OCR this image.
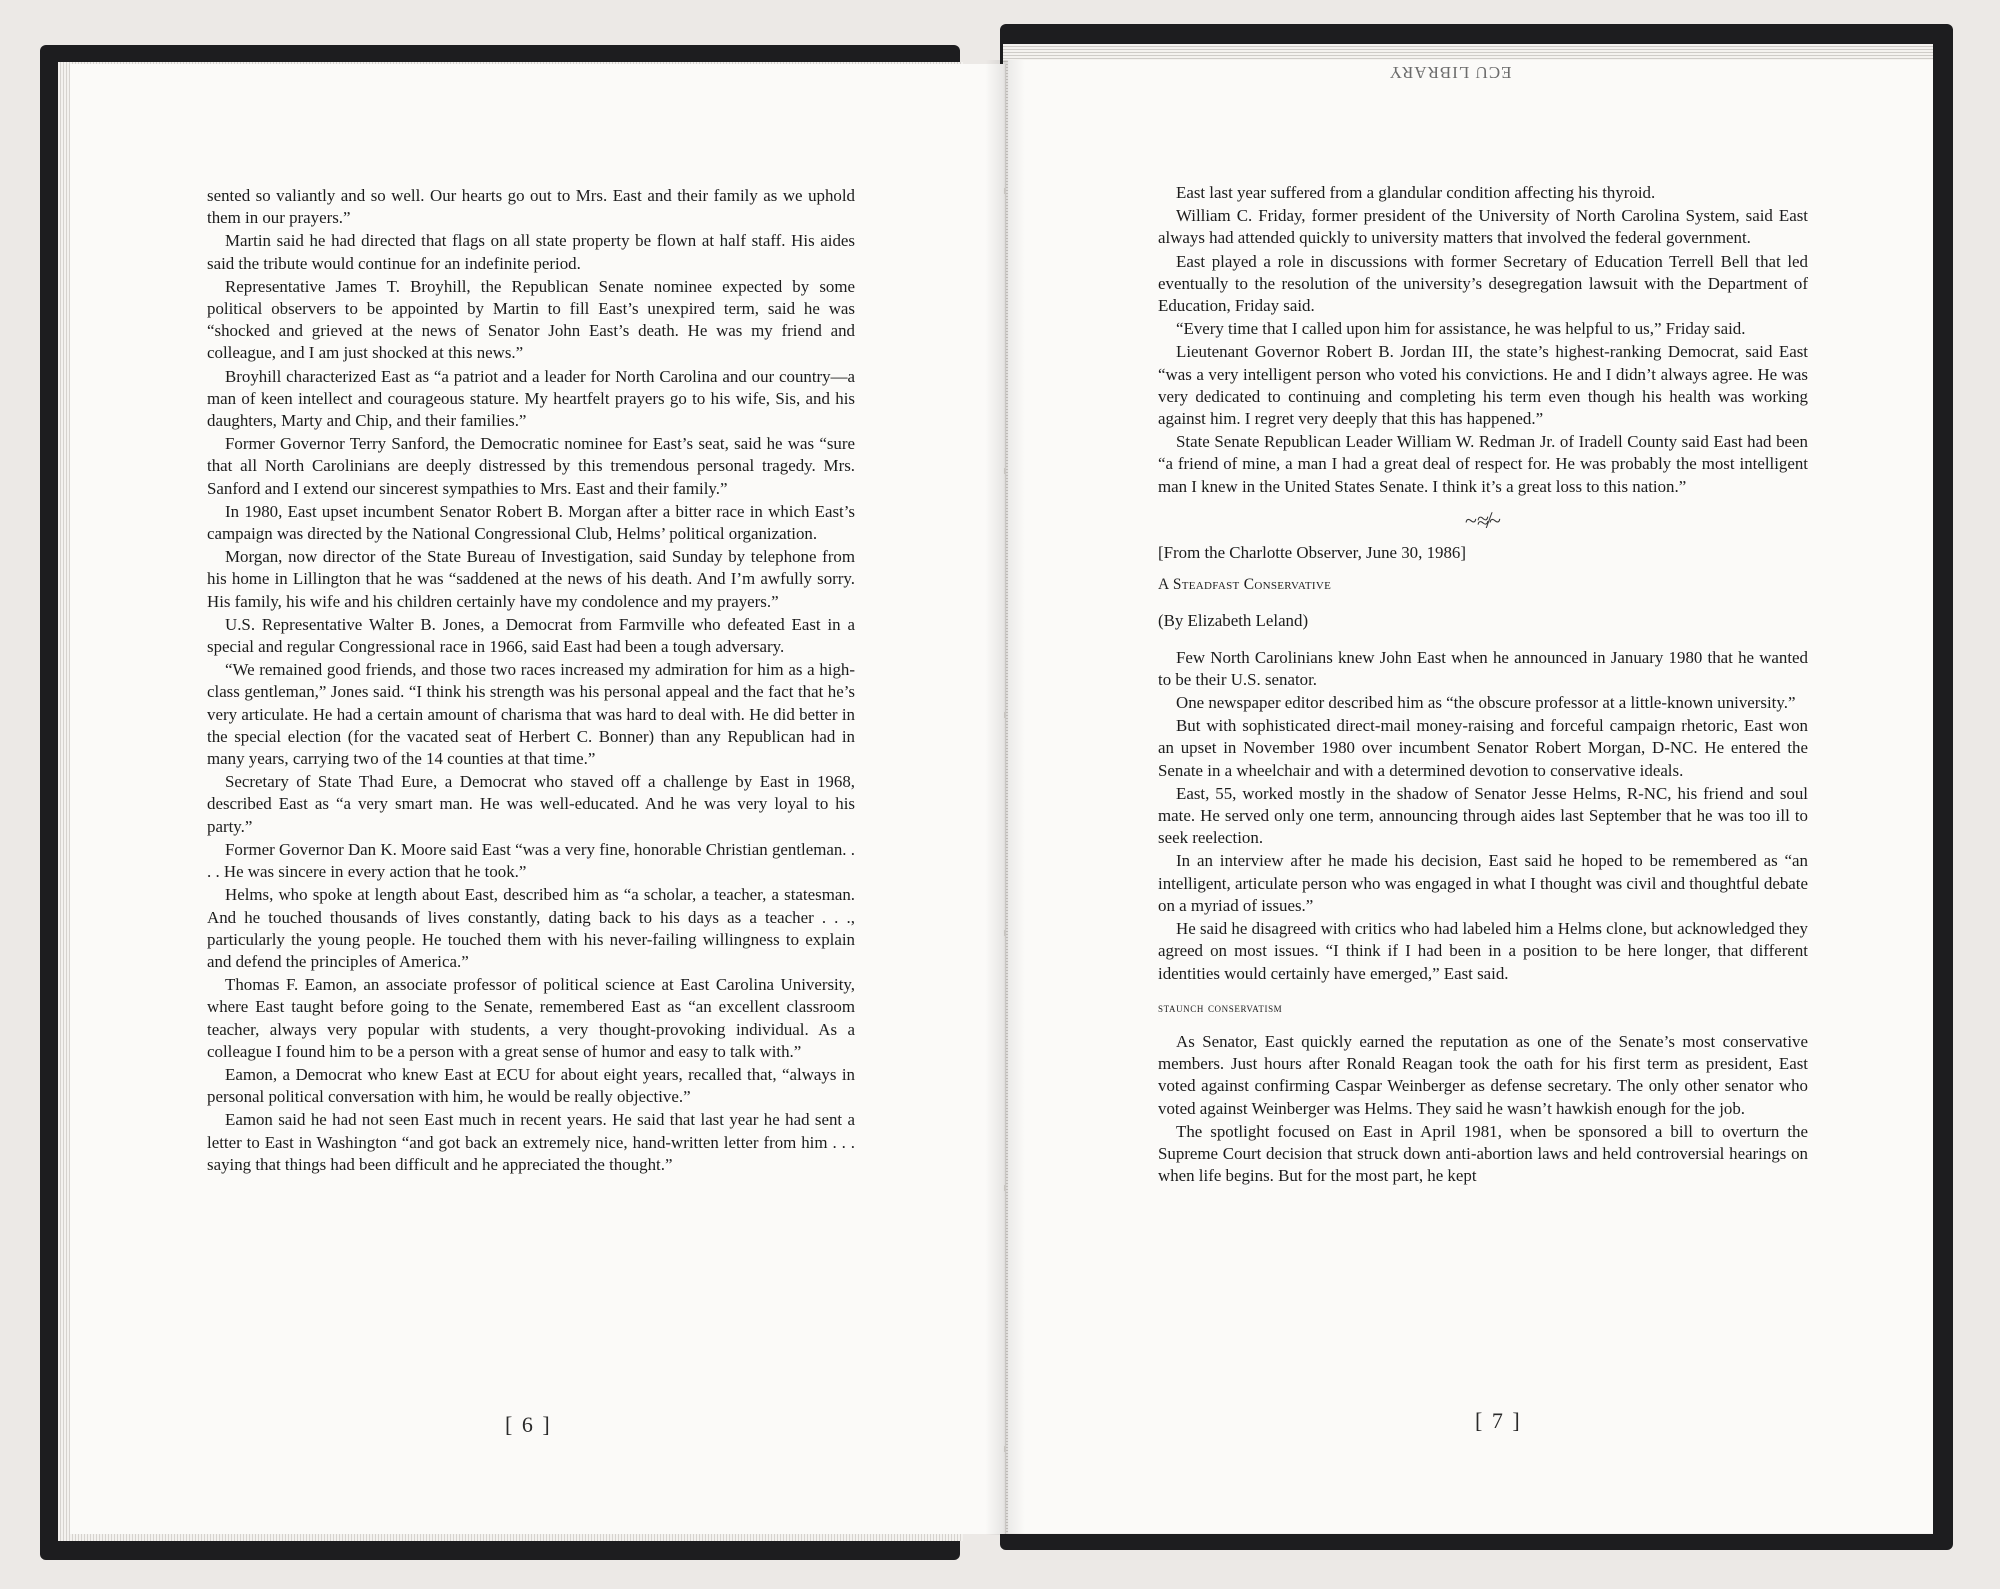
ECU LIBRARY

sented so valiantly and so well. Our hearts go out to Mrs. East and their family as we uphold them in our prayers.”

Martin said he had directed that flags on all state property be flown at half staff. His aides said the tribute would continue for an indefinite period.

Representative James T. Broyhill, the Republican Senate nominee expected by some political observers to be appointed by Martin to fill East’s unexpired term, said he was “shocked and grieved at the news of Senator John East’s death. He was my friend and colleague, and I am just shocked at this news.”

Broyhill characterized East as “a patriot and a leader for North Carolina and our country—a man of keen intellect and courageous stature. My heartfelt prayers go to his wife, Sis, and his daughters, Marty and Chip, and their families.”

Former Governor Terry Sanford, the Democratic nominee for East’s seat, said he was “sure that all North Carolinians are deeply distressed by this tremendous personal tragedy. Mrs. Sanford and I extend our sincerest sympathies to Mrs. East and their family.”

In 1980, East upset incumbent Senator Robert B. Morgan after a bitter race in which East’s campaign was directed by the National Congressional Club, Helms’ political organization.

Morgan, now director of the State Bureau of Investigation, said Sunday by telephone from his home in Lillington that he was “saddened at the news of his death. And I’m awfully sorry. His family, his wife and his children certainly have my condolence and my prayers.”

U.S. Representative Walter B. Jones, a Democrat from Farmville who defeated East in a special and regular Congressional race in 1966, said East had been a tough adversary.

“We remained good friends, and those two races increased my admiration for him as a high-class gentleman,” Jones said. “I think his strength was his personal appeal and the fact that he’s very articulate. He had a certain amount of charisma that was hard to deal with. He did better in the special election (for the vacated seat of Herbert C. Bonner) than any Republican had in many years, carrying two of the 14 counties at that time.”

Secretary of State Thad Eure, a Democrat who staved off a challenge by East in 1968, described East as “a very smart man. He was well-educated. And he was very loyal to his party.”

Former Governor Dan K. Moore said East “was a very fine, honorable Christian gentleman. . . . He was sincere in every action that he took.”

Helms, who spoke at length about East, described him as “a scholar, a teacher, a statesman. And he touched thousands of lives constantly, dating back to his days as a teacher . . ., particularly the young people. He touched them with his never-failing willingness to explain and defend the principles of America.”

Thomas F. Eamon, an associate professor of political science at East Carolina University, where East taught before going to the Senate, remembered East as “an excellent classroom teacher, always very popular with students, a very thought-provoking individual. As a colleague I found him to be a person with a great sense of humor and easy to talk with.”

Eamon, a Democrat who knew East at ECU for about eight years, recalled that, “always in personal political conversation with him, he would be really objective.”

Eamon said he had not seen East much in recent years. He said that last year he had sent a letter to East in Washington “and got back an extremely nice, hand-written letter from him . . . saying that things had been difficult and he appreciated the thought.”

[ 6 ]

East last year suffered from a glandular condition affecting his thyroid.

William C. Friday, former president of the University of North Carolina System, said East always had attended quickly to university matters that involved the federal government.

East played a role in discussions with former Secretary of Education Terrell Bell that led eventually to the resolution of the university’s desegregation lawsuit with the Department of Education, Friday said.

“Every time that I called upon him for assistance, he was helpful to us,” Friday said.

Lieutenant Governor Robert B. Jordan III, the state’s highest-ranking Democrat, said East “was a very intelligent person who voted his convictions. He and I didn’t always agree. He was very dedicated to continuing and completing his term even though his health was working against him. I regret very deeply that this has happened.”

State Senate Republican Leader William W. Redman Jr. of Iradell County said East had been “a friend of mine, a man I had a great deal of respect for. He was probably the most intelligent man I knew in the United States Senate. I think it’s a great loss to this nation.”

~≉~

[From the Charlotte Observer, June 30, 1986]

A Steadfast Conservative

(By Elizabeth Leland)

Few North Carolinians knew John East when he announced in January 1980 that he wanted to be their U.S. senator.

One newspaper editor described him as “the obscure professor at a little-known university.”

But with sophisticated direct-mail money-raising and forceful campaign rhetoric, East won an upset in November 1980 over incumbent Senator Robert Morgan, D-NC. He entered the Senate in a wheelchair and with a determined devotion to conservative ideals.

East, 55, worked mostly in the shadow of Senator Jesse Helms, R-NC, his friend and soul mate. He served only one term, announcing through aides last September that he was too ill to seek reelection.

In an interview after he made his decision, East said he hoped to be remembered as “an intelligent, articulate person who was engaged in what I thought was civil and thoughtful debate on a myriad of issues.”

He said he disagreed with critics who had labeled him a Helms clone, but acknowledged they agreed on most issues. “I think if I had been in a position to be here longer, that different identities would certainly have emerged,” East said.

staunch conservatism

As Senator, East quickly earned the reputation as one of the Senate’s most conservative members. Just hours after Ronald Reagan took the oath for his first term as president, East voted against confirming Caspar Weinberger as defense secretary. The only other senator who voted against Weinberger was Helms. They said he wasn’t hawkish enough for the job.

The spotlight focused on East in April 1981, when be sponsored a bill to overturn the Supreme Court decision that struck down anti-abortion laws and held controversial hearings on when life begins. But for the most part, he kept

[ 7 ]
